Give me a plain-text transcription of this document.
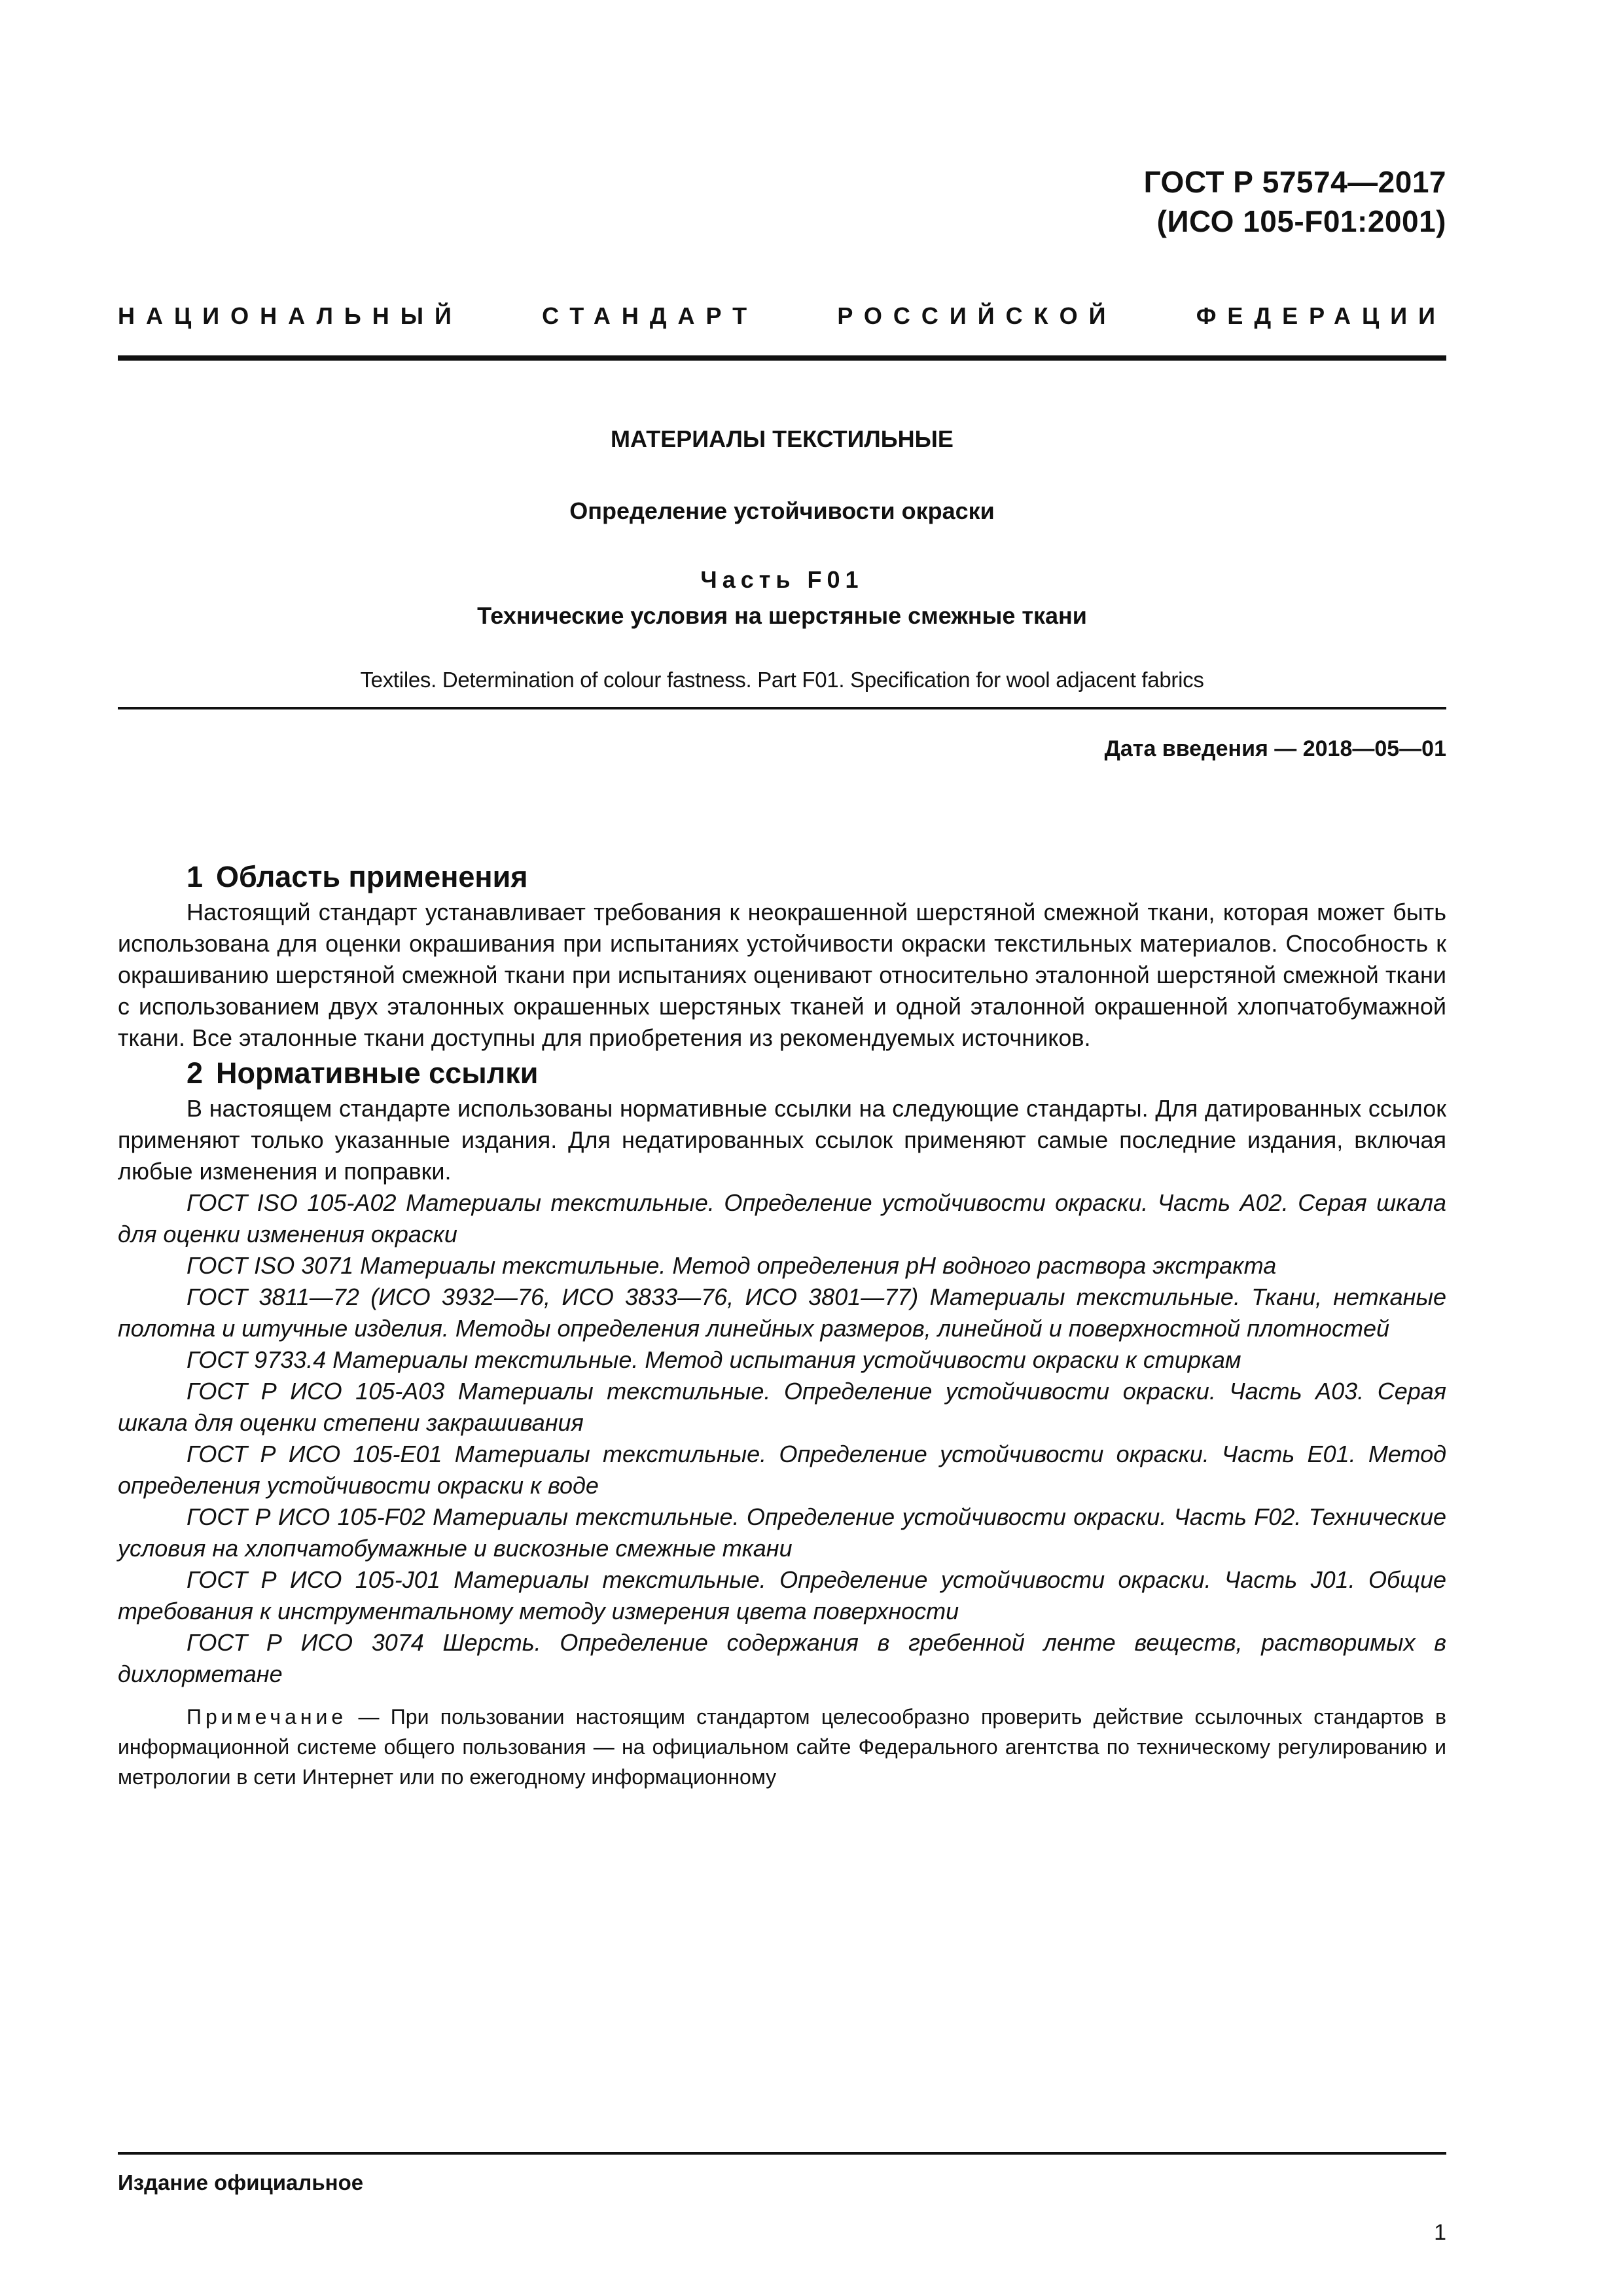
ГОСТ Р 57574—2017
(ИСО 105-F01:2001)
НАЦИОНАЛЬНЫЙ	СТАНДАРТ	РОССИЙСКОЙ	ФЕДЕРАЦИИ
МАТЕРИАЛЫ ТЕКСТИЛЬНЫЕ
Определение устойчивости окраски
Часть F01
Технические условия на шерстяные смежные ткани
Textiles. Determination of colour fastness. Part F01. Specification for wool adjacent fabrics
Дата введения — 2018—05—01
1 Область применения

Настоящий стандарт устанавливает требования к неокрашенной шерстяной смежной ткани, которая может быть использована для оценки окрашивания при испытаниях устойчивости окраски текстильных материалов. Способность к окрашиванию шерстяной смежной ткани при испытаниях оценивают относительно эталонной шерстяной смежной ткани с использованием двух эталонных окрашенных шерстяных тканей и одной эталонной окрашенной хлопчатобумажной ткани. Все эталонные ткани доступны для приобретения из рекомендуемых источников.

2 Нормативные ссылки

В настоящем стандарте использованы нормативные ссылки на следующие стандарты. Для датированных ссылок применяют только указанные издания. Для недатированных ссылок применяют самые последние издания, включая любые изменения и поправки.

ГОСТ ISO 105-A02 Материалы текстильные. Определение устойчивости окраски. Часть A02. Серая шкала для оценки изменения окраски

ГОСТ ISO 3071 Материалы текстильные. Метод определения pH водного раствора экстракта

ГОСТ 3811—72 (ИСО 3932—76, ИСО 3833—76, ИСО 3801—77) Материалы текстильные. Ткани, нетканые полотна и штучные изделия. Методы определения линейных размеров, линейной и поверхностной плотностей

ГОСТ 9733.4 Материалы текстильные. Метод испытания устойчивости окраски к стиркам

ГОСТ Р ИСО 105-A03 Материалы текстильные. Определение устойчивости окраски. Часть A03. Серая шкала для оценки степени закрашивания

ГОСТ Р ИСО 105-E01 Материалы текстильные. Определение устойчивости окраски. Часть E01. Метод определения устойчивости окраски к воде

ГОСТ Р ИСО 105-F02 Материалы текстильные. Определение устойчивости окраски. Часть F02. Технические условия на хлопчатобумажные и вискозные смежные ткани

ГОСТ Р ИСО 105-J01 Материалы текстильные. Определение устойчивости окраски. Часть J01. Общие требования к инструментальному методу измерения цвета поверхности

ГОСТ Р ИСО 3074 Шерсть. Определение содержания в гребенной ленте веществ, растворимых в дихлорметане

Примечание — При пользовании настоящим стандартом целесообразно проверить действие ссылочных стандартов в информационной системе общего пользования — на официальном сайте Федерального агентства по техническому регулированию и метрологии в сети Интернет или по ежегодному информационному

Издание официальное
1
